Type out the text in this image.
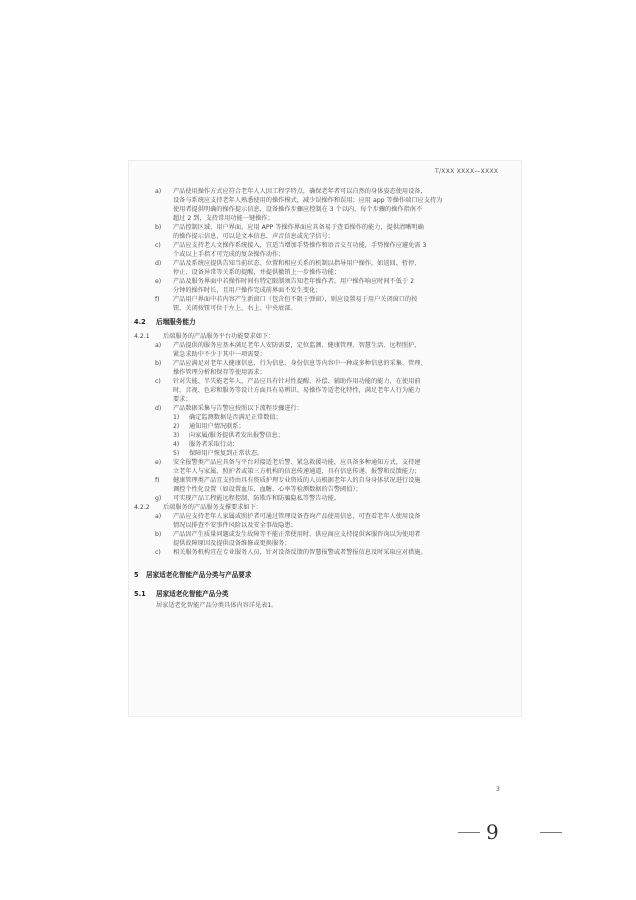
T/XXX XXXX—XXXX
a) 产品使用操作方式应符合老年人人因工程学特点，确保老年者可以自然的身体姿态使用设备，
设备与系统应支持老年人熟悉使用的操作模式，减少误操作和误用；应用 app 等操作端口应支持为
使用者提供明确的操作提示信息，设备操作步骤应控制在 3 个以内，每个步骤的操作指南不
超过 2 到，支持常用功能一键操作；
b) 产品控制区域、用户界面、应用 APP 等操作界面应具备易于查看操作的能力，提供清晰明确
的操作提示信息，可以是文本信息、声音信息或光学信号；
c) 产品应支持老人文操作系统接入，宜适当增加手势操作和语音交互功能，手势操作应避免需 3
个或以上手指才可完成的复杂操作动作；
d) 产品及系统应提供告知当前状态、位置和相应关系的机制以指导用户操作，如返回、暂停、
停止、设备异常等关系的提醒，并提供撤销上一步操作功能；
e) 产品及服务界面中若操作时间有特定限制须告知老年操作者，用户操作响应时间不低于 2
分钟的操作时长，且用户操作完成前界面不发生变化；
f) 产品用户界面中若内容产生新窗口（包含但不限于弹窗），则应设置易于用户关闭窗口的按
钮，关闭按钮可位于左上、右上、中央底部。
4.2 后端服务能力
4.2.1 后端服务的产品服务平台功能要求如下：
a) 产品提供的服务应基本满足老年人安防需要，定位监测、健康管理、智慧生活、远程照护、
紧急求助中不少于其中一项需要；
b) 产品应满足对老年人健康信息、行为信息、身份信息等内容中一种或多种信息的采集、管理、
操作管理分析和保存等使用需求；
c) 针对失能、半失能老年人，产品应具有针对性提醒、补偿、辅助作用功能的能力，在使用前
时、音视、色彩和服务等设计方面具有易辨识、易操作等适老化特性，满足老年人行为能力
要求；
d) 产品数据采集与告警应按照以下流程步骤进行：
1) 确定监测数据是否满足正常数值；
2) 通知用户情况联系；
3) 向家属/服务提供者发出报警信息；
4) 服务者采取行动；
5) 保障用户恢复到正常状态。
e) 安全报警类产品应具备与平台对接适老后警、紧急救援功能，应具备多种通知方式，支持建
立老年人与家属、照护者或第三方机构的信息传递通道，具有信息传递、报警和反馈能力；
f) 健康管理类产品宜支持由具有资质护理专业资质的人员根据老年人的自身身体状况进行设施
调控个性化设置（如设置血压、血糖、心率等检测数据的告警阈值）；
g) 可实现产品工程能远程控制、防欺诈和防骗隐私等警告功能。
4.2.2 后端服务的产品服务支撑要求如下：
a) 产品应支持老年人家属或照护者可通过管理设备查询产品使用信息，可查看老年人使用设备
情况以排查不安事件风险以及安全事故隐患；
b) 产品因产生质量问题或发生故障等不能正常使用时，供应商应支持提供客服咨询以为使用者
提供故障原因及提供设备维修或更换服务；
c) 相关服务机构宜在专业服务人员，针对设备反馈的智慧报警或者警报信息及时采取应对措施。
5 居家适老化智能产品分类与产品要求
5.1 居家适老化智能产品分类
居家适老化智能产品分类具体内容详见表1。
3
9
